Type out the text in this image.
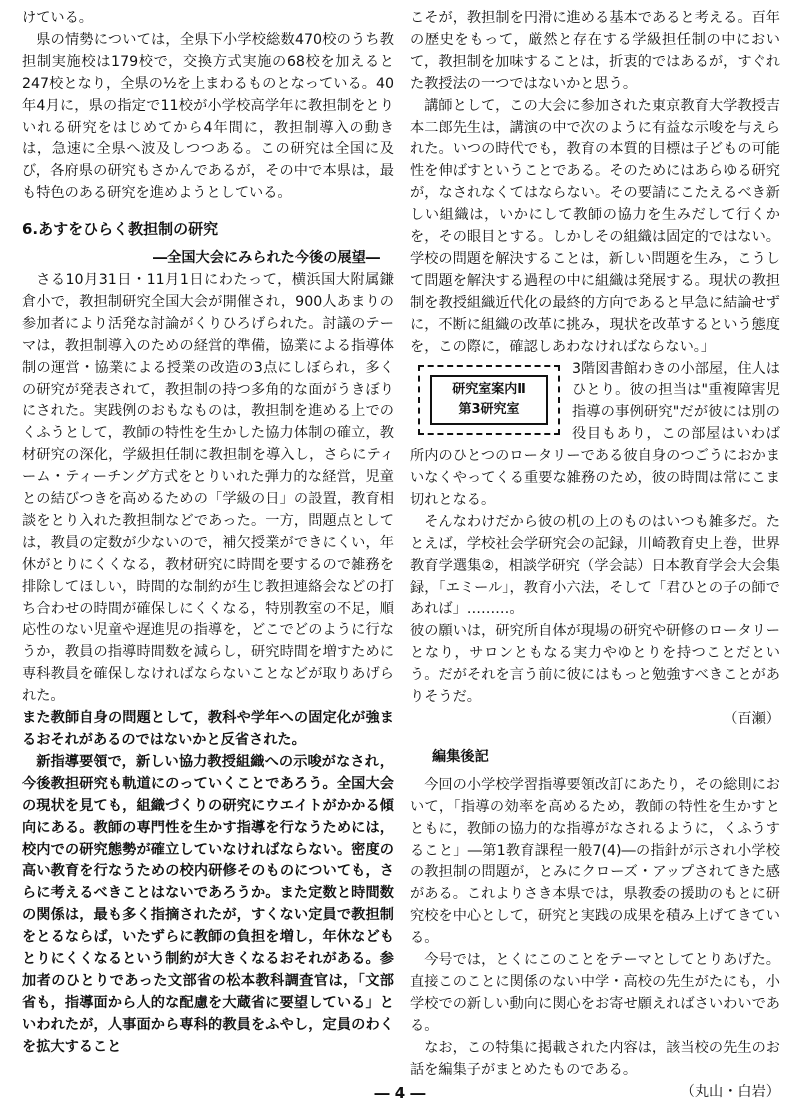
けている。

県の情勢については，全県下小学校総数470校のうち教担制実施校は179校で，交換方式実施の68校を加えると247校となり，全県の½を上まわるものとなっている。40年4月に，県の指定で11校が小学校高学年に教担制をとりいれる研究をはじめてから4年間に，教担制導入の動きは，急速に全県へ波及しつつある。この研究は全国に及び，各府県の研究もさかんであるが，その中で本県は，最も特色のある研究を進めようとしている。

6.あすをひらく教担制の研究

―全国大会にみられた今後の展望―

さる10月31日・11月1日にわたって，横浜国大附属鎌倉小で，教担制研究全国大会が開催され，900人あまりの参加者により活発な討論がくりひろげられた。討議のテーマは，教担制導入のための経営的準備，協業による指導体制の運営・協業による授業の改造の3点にしぼられ，多くの研究が発表されて，教担制の持つ多角的な面がうきぼりにされた。実践例のおもなものは，教担制を進める上でのくふうとして，教師の特性を生かした協力体制の確立，教材研究の深化，学級担任制に教担制を導入し，さらにティーム・ティーチング方式をとりいれた弾力的な経営，児童との結びつきを高めるための「学級の日」の設置，教育相談をとり入れた教担制などであった。一方，問題点としては，教員の定数が少ないので，補欠授業ができにくい，年休がとりにくくなる，教材研究に時間を要するので雑務を排除してほしい，時間的な制約が生じ教担連絡会などの打ち合わせの時間が確保しにくくなる，特別教室の不足，順応性のない児童や遅進児の指導を，どこでどのように行なうか，教員の指導時間数を減らし，研究時間を増すために専科教員を確保しなければならないことなどが取りあげられた。

また教師自身の問題として，教科や学年への固定化が強まるおそれがあるのではないかと反省された。

新指導要領で，新しい協力教授組織への示唆がなされ，今後教担研究も軌道にのっていくことであろう。全国大会の現状を見ても，組織づくりの研究にウエイトがかかる傾向にある。教師の専門性を生かす指導を行なうためには，校内での研究態勢が確立していなければならない。密度の高い教育を行なうための校内研修そのものについても，さらに考えるべきことはないであろうか。また定数と時間数の関係は，最も多く指摘されたが，すくない定員で教担制をとるならば，いたずらに教師の負担を増し，年休などもとりにくくなるという制約が大きくなるおそれがある。参加者のひとりであった文部省の松本教科調査官は，「文部省も，指導面から人的な配慮を大蔵省に要望している」といわれたが，人事面から専科的教員をふやし，定員のわくを拡大すること

こそが，教担制を円滑に進める基本であると考える。百年の歴史をもって，厳然と存在する学級担任制の中において，教担制を加味することは，折衷的ではあるが，すぐれた教授法の一つではないかと思う。

講師として，この大会に参加された東京教育大学教授吉本二郎先生は，講演の中で次のように有益な示唆を与えられた。いつの時代でも，教育の本質的目標は子どもの可能性を伸ばすということである。そのためにはあらゆる研究が，なされなくてはならない。その要請にこたえるべき新しい組織は，いかにして教師の協力を生みだして行くかを，その眼目とする。しかしその組織は固定的ではない。学校の問題を解決することは，新しい問題を生み，こうして問題を解決する過程の中に組織は発展する。現状の教担制を教授組織近代化の最終的方向であると早急に結論せずに，不断に組織の改革に挑み，現状を改革するという態度を，この際に，確認しあわなければならない。」

研究室案内Ⅱ
第3研究室

3階図書館わきの小部屋，住人はひとり。彼の担当は"重複障害児指導の事例研究"だが彼には別の役目もあり，この部屋はいわば所内のひとつのロータリーである彼自身のつごうにおかまいなくやってくる重要な雑務のため，彼の時間は常にこま切れとなる。

そんなわけだから彼の机の上のものはいつも雑多だ。たとえば，学校社会学研究会の記録，川崎教育史上巻，世界教育学選集②，相談学研究（学会誌）日本教育学会大会集録，「エミール」，教育小六法，そして「君ひとの子の師であれば」………。

彼の願いは，研究所自体が現場の研究や研修のロータリーとなり，サロンともなる実力やゆとりを持つことだという。だがそれを言う前に彼にはもっと勉強すべきことがありそうだ。

（百瀬）

編集後記

今回の小学校学習指導要領改訂にあたり，その総則において，「指導の効率を高めるため，教師の特性を生かすとともに，教師の協力的な指導がなされるように，くふうすること」―第1教育課程一般7(4)―の指針が示され小学校の教担制の問題が，とみにクローズ・アップされてきた感がある。これよりさき本県では，県教委の援助のもとに研究校を中心として，研究と実践の成果を積み上げてきている。

今号では，とくにこのことをテーマとしてとりあげた。直接このことに関係のない中学・高校の先生がたにも，小学校での新しい動向に関心をお寄せ願えればさいわいである。

なお，この特集に掲載された内容は，該当校の先生のお話を編集子がまとめたものである。

（丸山・白岩）

― 4 ―
